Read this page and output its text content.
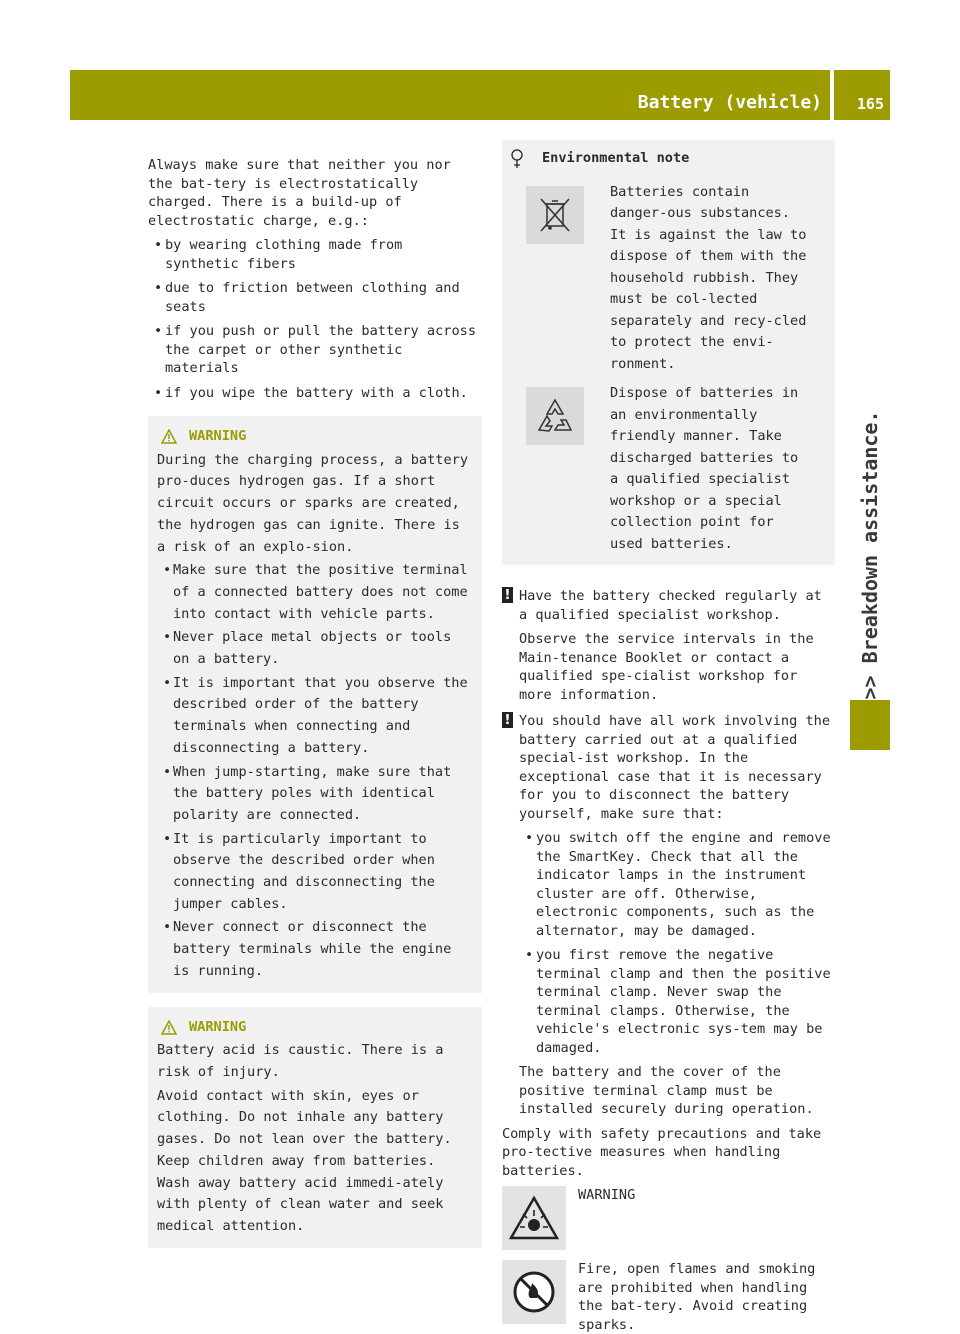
Battery (vehicle) 165
>> Breakdown assistance.

Always make sure that neither you nor the bat-tery is electrostatically charged. There is a build-up of electrostatic charge, e.g.:

• by wearing clothing made from synthetic fibers
• due to friction between clothing and seats
• if you push or pull the battery across the carpet or other synthetic materials
• if you wipe the battery with a cloth.
WARNING

During the charging process, a battery pro-duces hydrogen gas. If a short circuit occurs or sparks are created, the hydrogen gas can ignite. There is a risk of an explo-sion.

• Make sure that the positive terminal of a connected battery does not come into contact with vehicle parts.
• Never place metal objects or tools on a battery.
• It is important that you observe the described order of the battery terminals when connecting and disconnecting a battery.
• When jump-starting, make sure that the battery poles with identical polarity are connected.
• It is particularly important to observe the described order when connecting and disconnecting the jumper cables.
• Never connect or disconnect the battery terminals while the engine is running.
WARNING

Battery acid is caustic. There is a risk of injury.

Avoid contact with skin, eyes or clothing. Do not inhale any battery gases. Do not lean over the battery. Keep children away from batteries. Wash away battery acid immedi-ately with plenty of clean water and seek medical attention.

Environmental note
Batteries contain danger-ous substances. It is against the law to dispose of them with the household rubbish. They must be col-lected separately and recy-cled to protect the envi-ronment.
Dispose of batteries in an environmentally friendly manner. Take discharged batteries to a qualified specialist workshop or a special collection point for used batteries.

! Have the battery checked regularly at a qualified specialist workshop.

Observe the service intervals in the Main-tenance Booklet or contact a qualified spe-cialist workshop for more information.

! You should have all work involving the battery carried out at a qualified special-ist workshop. In the exceptional case that it is necessary for you to disconnect the battery yourself, make sure that:

• you switch off the engine and remove the SmartKey. Check that all the indicator lamps in the instrument cluster are off. Otherwise, electronic components, such as the alternator, may be damaged.
• you first remove the negative terminal clamp and then the positive terminal clamp. Never swap the terminal clamps. Otherwise, the vehicle's electronic sys-tem may be damaged.

The battery and the cover of the positive terminal clamp must be installed securely during operation.

Comply with safety precautions and take pro-tective measures when handling batteries.

WARNING
Fire, open flames and smoking are prohibited when handling the bat-tery. Avoid creating sparks.
